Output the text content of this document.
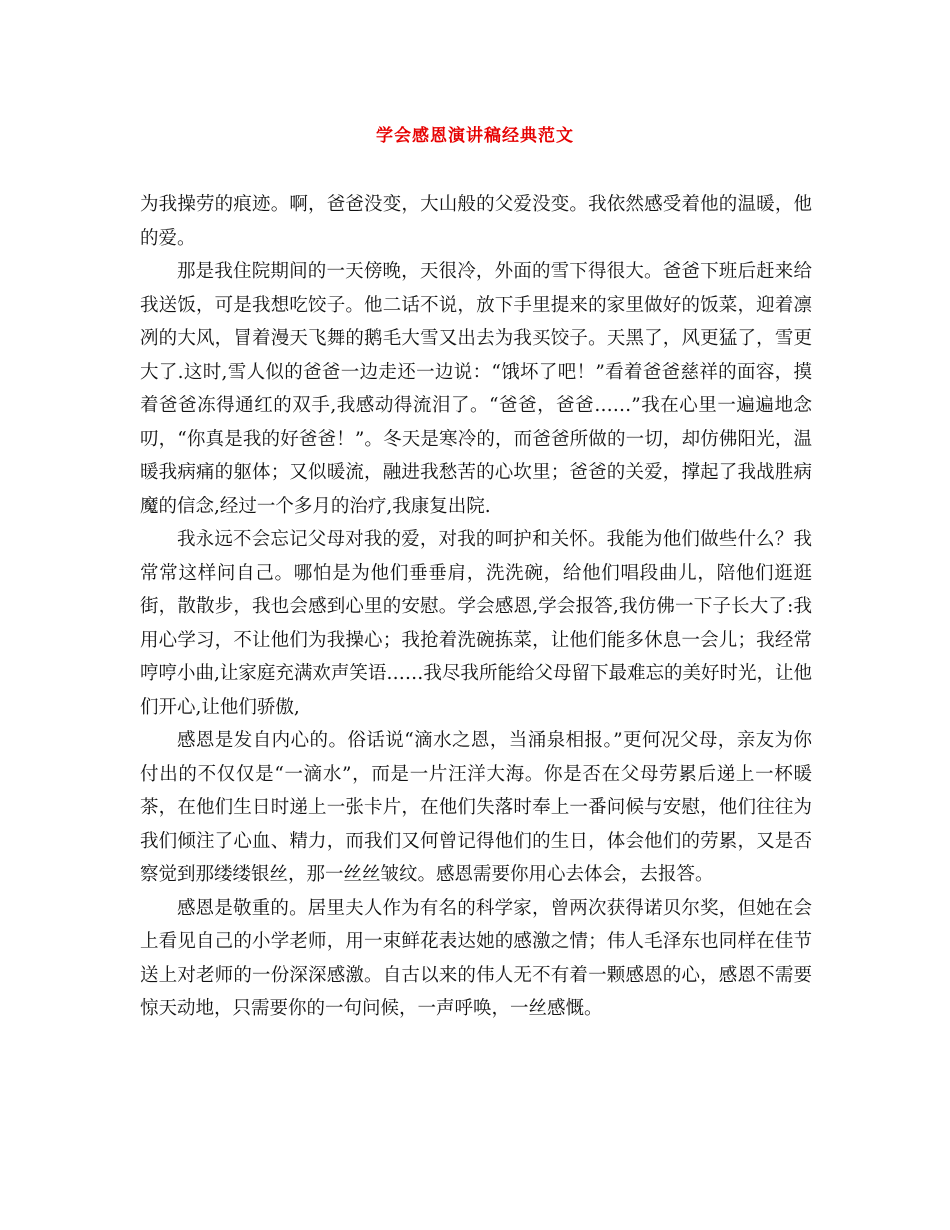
学会感恩演讲稿经典范文

为我操劳的痕迹。啊，爸爸没变，大山般的父爱没变。我依然感受着他的温暖，他的爱。

那是我住院期间的一天傍晚，天很冷，外面的雪下得很大。爸爸下班后赶来给我送饭，可是我想吃饺子。他二话不说，放下手里提来的家里做好的饭菜，迎着凛冽的大风，冒着漫天飞舞的鹅毛大雪又出去为我买饺子。天黑了，风更猛了，雪更大了.这时,雪人似的爸爸一边走还一边说：“饿坏了吧！”看着爸爸慈祥的面容，摸着爸爸冻得通红的双手,我感动得流泪了。“爸爸，爸爸……”我在心里一遍遍地念叨，“你真是我的好爸爸！”。冬天是寒冷的，而爸爸所做的一切，却仿佛阳光，温暖我病痛的躯体；又似暖流，融进我愁苦的心坎里；爸爸的关爱，撑起了我战胜病魔的信念,经过一个多月的治疗,我康复出院.

我永远不会忘记父母对我的爱，对我的呵护和关怀。我能为他们做些什么？我常常这样问自己。哪怕是为他们垂垂肩，洗洗碗，给他们唱段曲儿，陪他们逛逛街，散散步，我也会感到心里的安慰。学会感恩,学会报答,我仿佛一下子长大了:我用心学习，不让他们为我操心；我抢着洗碗拣菜，让他们能多休息一会儿；我经常哼哼小曲,让家庭充满欢声笑语……我尽我所能给父母留下最难忘的美好时光，让他们开心,让他们骄傲,

感恩是发自内心的。俗话说“滴水之恩，当涌泉相报。”更何况父母，亲友为你付出的不仅仅是“一滴水”，而是一片汪洋大海。你是否在父母劳累后递上一杯暖茶，在他们生日时递上一张卡片，在他们失落时奉上一番问候与安慰，他们往往为我们倾注了心血、精力，而我们又何曾记得他们的生日，体会他们的劳累，又是否察觉到那缕缕银丝，那一丝丝皱纹。感恩需要你用心去体会，去报答。

感恩是敬重的。居里夫人作为有名的科学家，曾两次获得诺贝尔奖，但她在会上看见自己的小学老师，用一束鲜花表达她的感激之情；伟人毛泽东也同样在佳节送上对老师的一份深深感激。自古以来的伟人无不有着一颗感恩的心，感恩不需要惊天动地，只需要你的一句问候，一声呼唤，一丝感慨。
